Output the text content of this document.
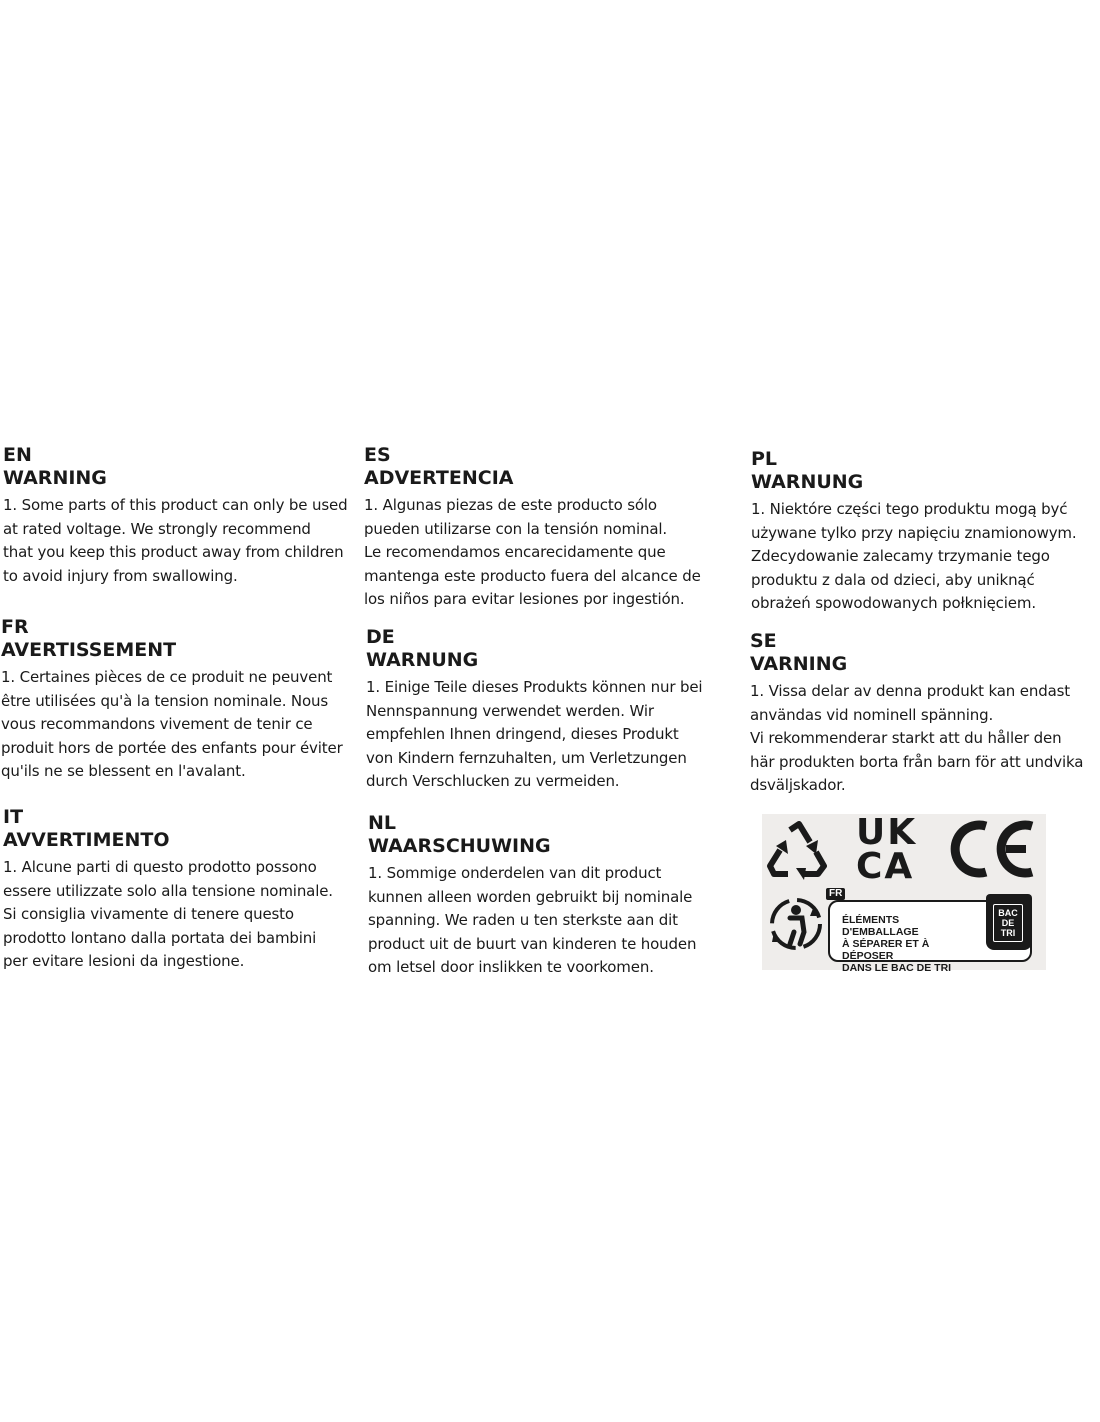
EN

WARNING

1. Some parts of this product can only be used
at rated voltage. We strongly recommend
that you keep this product away from children
to avoid injury from swallowing.

FR

AVERTISSEMENT

1. Certaines pièces de ce produit ne peuvent
être utilisées qu'à la tension nominale. Nous
vous recommandons vivement de tenir ce
produit hors de portée des enfants pour éviter
qu'ils ne se blessent en l'avalant.

IT

AVVERTIMENTO

1. Alcune parti di questo prodotto possono
essere utilizzate solo alla tensione nominale.
Si consiglia vivamente di tenere questo
prodotto lontano dalla portata dei bambini
per evitare lesioni da ingestione.

ES

ADVERTENCIA

1. Algunas piezas de este producto sólo
pueden utilizarse con la tensión nominal.
Le recomendamos encarecidamente que
mantenga este producto fuera del alcance de
los niños para evitar lesiones por ingestión.

DE

WARNUNG

1. Einige Teile dieses Produkts können nur bei
Nennspannung verwendet werden. Wir
empfehlen Ihnen dringend, dieses Produkt
von Kindern fernzuhalten, um Verletzungen
durch Verschlucken zu vermeiden.

NL

WAARSCHUWING

1. Sommige onderdelen van dit product
kunnen alleen worden gebruikt bij nominale
spanning. We raden u ten sterkste aan dit
product uit de buurt van kinderen te houden
om letsel door inslikken te voorkomen.

PL

WARNUNG

1. Niektóre części tego produktu mogą być
używane tylko przy napięciu znamionowym.
Zdecydowanie zalecamy trzymanie tego
produktu z dala od dzieci, aby uniknąć
obrażeń spowodowanych połknięciem.

SE

VARNING

1. Vissa delar av denna produkt kan endast
användas vid nominell spänning.
Vi rekommenderar starkt att du håller den
här produkten borta från barn för att undvika
dsväljskador.

UK
CA
ÉLÉMENTS D'EMBALLAGE
À SÉPARER ET À DÉPOSER
DANS LE BAC DE TRI
FR
BAC
DE
TRI
